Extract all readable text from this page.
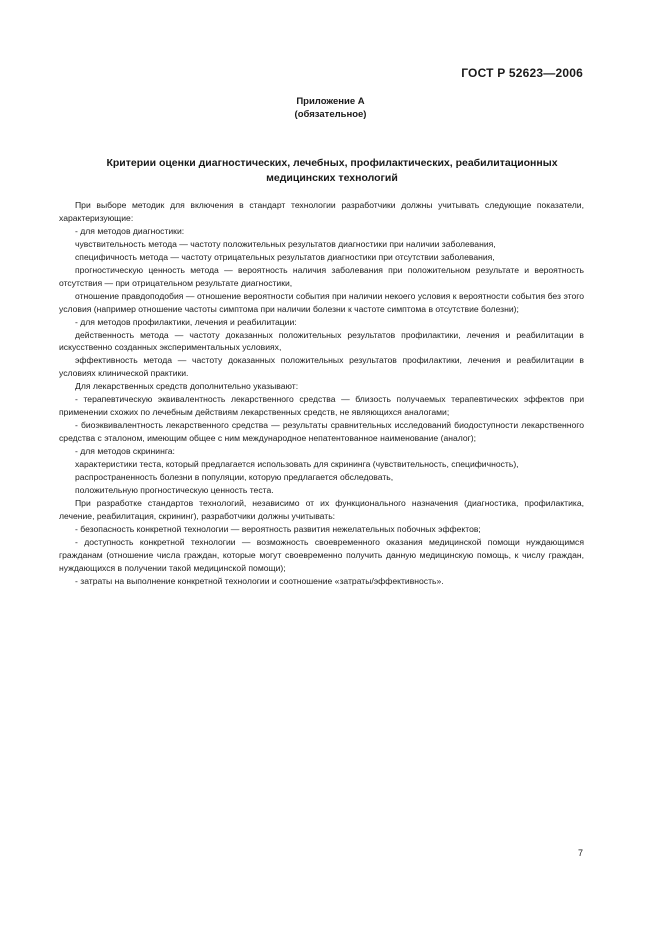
ГОСТ Р 52623—2006
Приложение А
(обязательное)
Критерии оценки диагностических, лечебных, профилактических, реабилитационных
медицинских технологий

При выборе методик для включения в стандарт технологии разработчики должны учитывать следующие показатели, характеризующие:

- для методов диагностики:

чувствительность метода — частоту положительных результатов диагностики при наличии заболевания,

специфичность метода — частоту отрицательных результатов диагностики при отсутствии заболевания,

прогностическую ценность метода — вероятность наличия заболевания при положительном результате и вероятность отсутствия — при отрицательном результате диагностики,

отношение правдоподобия — отношение вероятности события при наличии некоего условия к вероятности события без этого условия (например отношение частоты симптома при наличии болезни к частоте симптома в отсутствие болезни);

- для методов профилактики, лечения и реабилитации:

действенность метода — частоту доказанных положительных результатов профилактики, лечения и реабилитации в искусственно созданных экспериментальных условиях,

эффективность метода — частоту доказанных положительных результатов профилактики, лечения и реабилитации в условиях клинической практики.

Для лекарственных средств дополнительно указывают:

- терапевтическую эквивалентность лекарственного средства — близость получаемых терапевтических эффектов при применении схожих по лечебным действиям лекарственных средств, не являющихся аналогами;

- биоэквивалентность лекарственного средства — результаты сравнительных исследований биодоступности лекарственного средства с эталоном, имеющим общее с ним международное непатентованное наименование (аналог);

- для методов скрининга:

характеристики теста, который предлагается использовать для скрининга (чувствительность, специфичность),

распространенность болезни в популяции, которую предлагается обследовать,

положительную прогностическую ценность теста.

При разработке стандартов технологий, независимо от их функционального назначения (диагностика, профилактика, лечение, реабилитация, скрининг), разработчики должны учитывать:

- безопасность конкретной технологии — вероятность развития нежелательных побочных эффектов;

- доступность конкретной технологии — возможность своевременного оказания медицинской помощи нуждающимся гражданам (отношение числа граждан, которые могут своевременно получить данную медицинскую помощь, к числу граждан, нуждающихся в получении такой медицинской помощи);

- затраты на выполнение конкретной технологии и соотношение «затраты/эффективность».

7
